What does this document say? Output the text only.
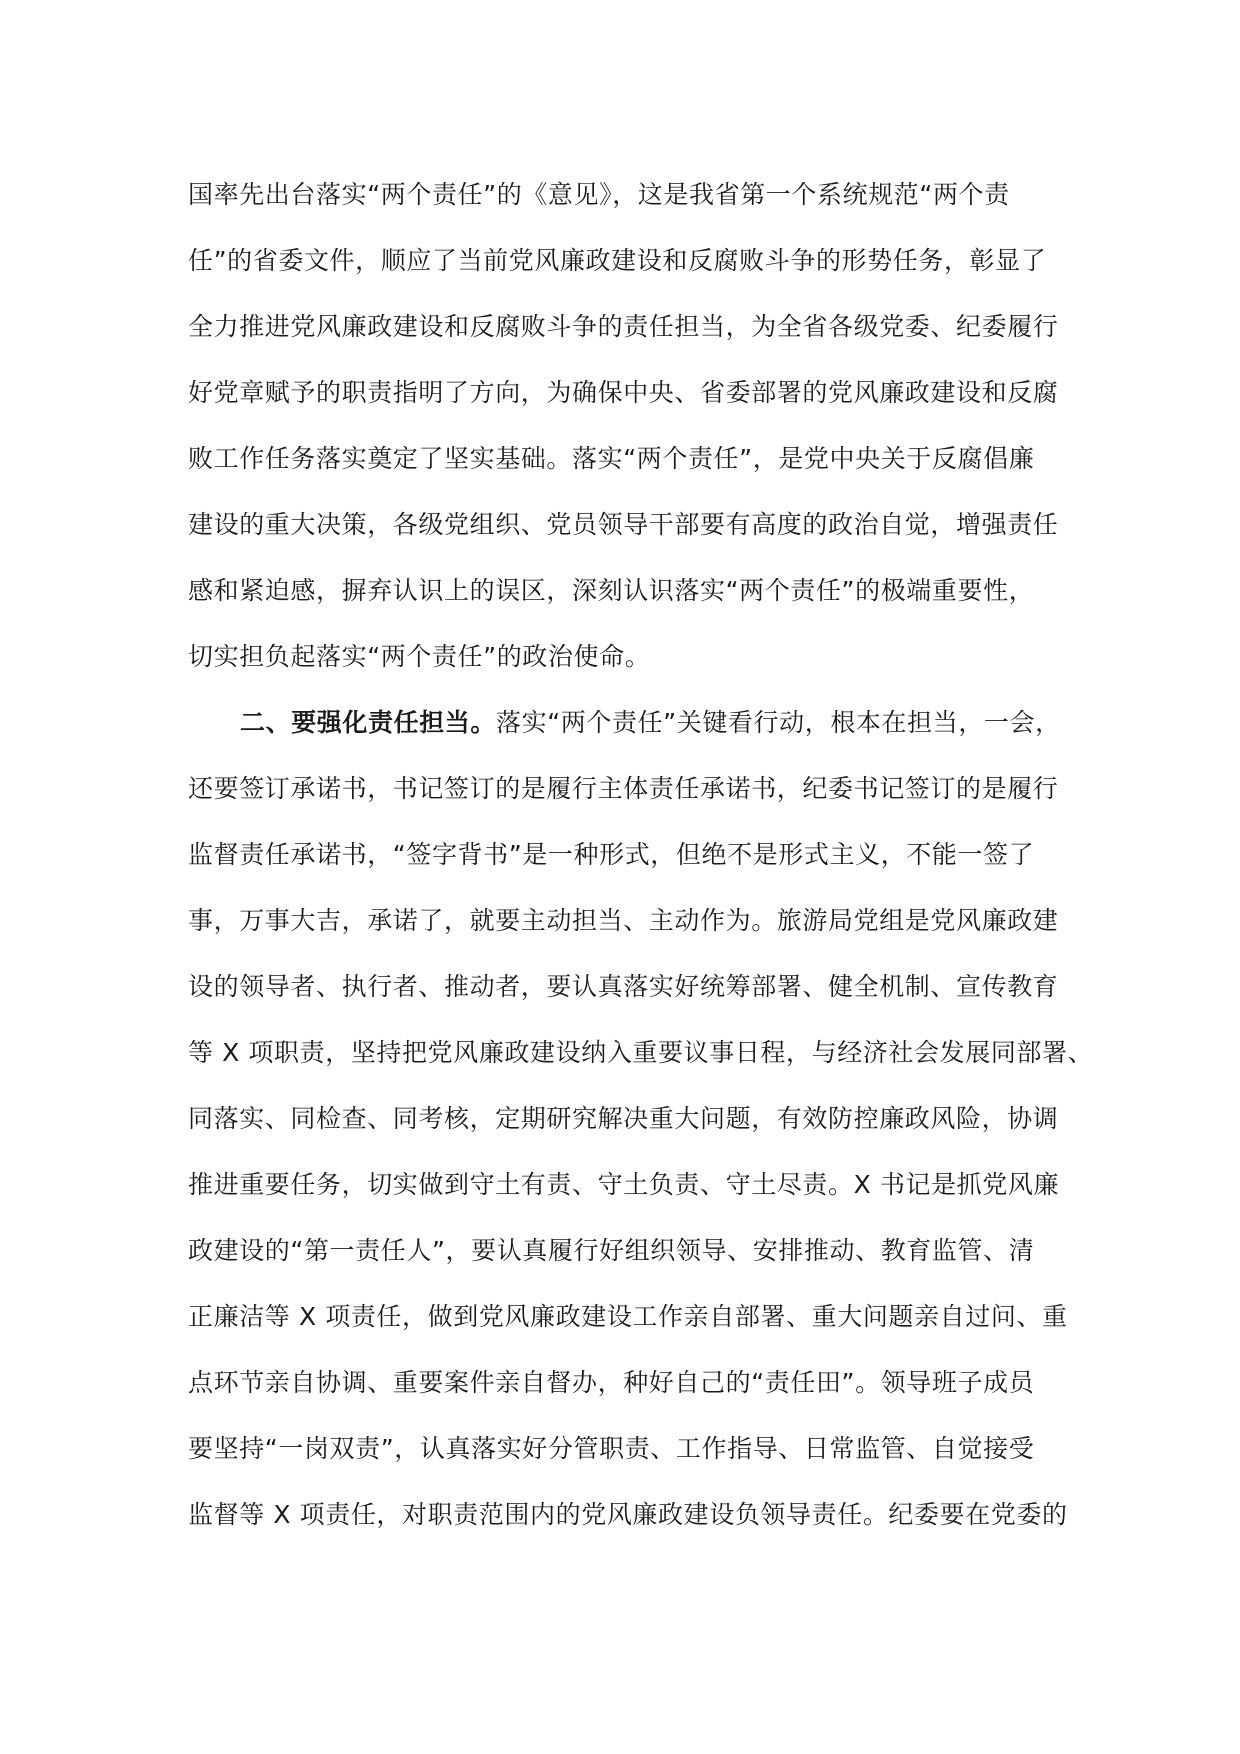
国率先出台落实“两个责任”的《意见》，这是我省第一个系统规范“两个责
任”的省委文件，顺应了当前党风廉政建设和反腐败斗争的形势任务，彰显了
全力推进党风廉政建设和反腐败斗争的责任担当，为全省各级党委、纪委履行
好党章赋予的职责指明了方向，为确保中央、省委部署的党风廉政建设和反腐
败工作任务落实奠定了坚实基础。落实“两个责任”，是党中央关于反腐倡廉
建设的重大决策，各级党组织、党员领导干部要有高度的政治自觉，增强责任
感和紧迫感，摒弃认识上的误区，深刻认识落实“两个责任”的极端重要性，
切实担负起落实“两个责任”的政治使命。
二、要强化责任担当。落实“两个责任”关键看行动，根本在担当，一会，
还要签订承诺书，书记签订的是履行主体责任承诺书，纪委书记签订的是履行
监督责任承诺书，“签字背书”是一种形式，但绝不是形式主义，不能一签了
事，万事大吉，承诺了，就要主动担当、主动作为。旅游局党组是党风廉政建
设的领导者、执行者、推动者，要认真落实好统筹部署、健全机制、宣传教育
等 X 项职责，坚持把党风廉政建设纳入重要议事日程，与经济社会发展同部署、
同落实、同检查、同考核，定期研究解决重大问题，有效防控廉政风险，协调
推进重要任务，切实做到守土有责、守土负责、守土尽责。X 书记是抓党风廉
政建设的“第一责任人”，要认真履行好组织领导、安排推动、教育监管、清
正廉洁等 X 项责任，做到党风廉政建设工作亲自部署、重大问题亲自过问、重
点环节亲自协调、重要案件亲自督办，种好自己的“责任田”。领导班子成员
要坚持“一岗双责”，认真落实好分管职责、工作指导、日常监管、自觉接受
监督等 X 项责任，对职责范围内的党风廉政建设负领导责任。纪委要在党委的
